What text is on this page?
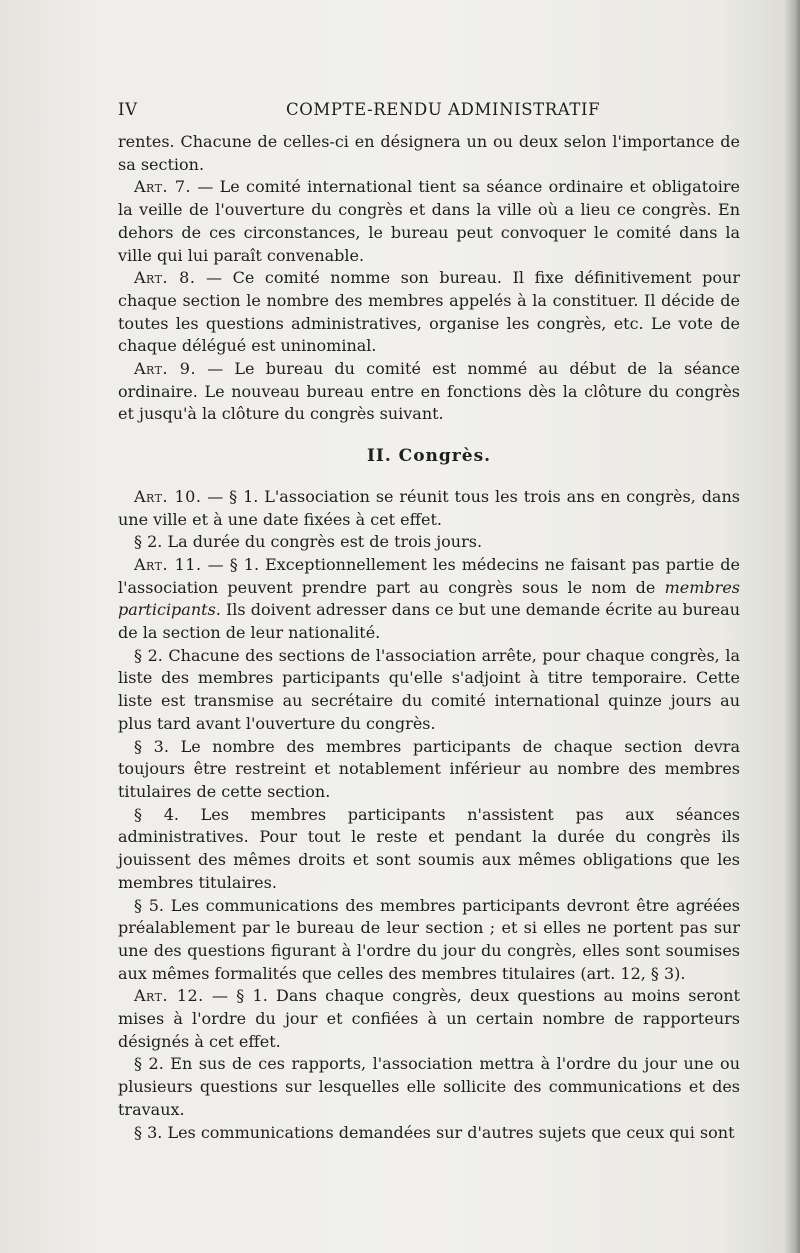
IV	COMPTE-RENDU ADMINISTRATIF

rentes. Chacune de celles-ci en désignera un ou deux selon l'importance de sa section.

Art. 7. — Le comité international tient sa séance ordinaire et obligatoire la veille de l'ouverture du congrès et dans la ville où a lieu ce congrès. En dehors de ces circonstances, le bureau peut convoquer le comité dans la ville qui lui paraît convenable.

Art. 8. — Ce comité nomme son bureau. Il fixe définitivement pour chaque section le nombre des membres appelés à la constituer. Il décide de toutes les questions administratives, organise les congrès, etc. Le vote de chaque délégué est uninominal.

Art. 9. — Le bureau du comité est nommé au début de la séance ordinaire. Le nouveau bureau entre en fonctions dès la clôture du congrès et jusqu'à la clôture du congrès suivant.

II. Congrès.

Art. 10. — § 1. L'association se réunit tous les trois ans en congrès, dans une ville et à une date fixées à cet effet.

§ 2. La durée du congrès est de trois jours.

Art. 11. — § 1. Exceptionnellement les médecins ne faisant pas partie de l'association peuvent prendre part au congrès sous le nom de membres participants. Ils doivent adresser dans ce but une demande écrite au bureau de la section de leur nationalité.

§ 2. Chacune des sections de l'association arrête, pour chaque congrès, la liste des membres participants qu'elle s'adjoint à titre temporaire. Cette liste est transmise au secrétaire du comité international quinze jours au plus tard avant l'ouverture du congrès.

§ 3. Le nombre des membres participants de chaque section devra toujours être restreint et notablement inférieur au nombre des membres titulaires de cette section.

§ 4. Les membres participants n'assistent pas aux séances administratives. Pour tout le reste et pendant la durée du congrès ils jouissent des mêmes droits et sont soumis aux mêmes obligations que les membres titulaires.

§ 5. Les communications des membres participants devront être agréées préalablement par le bureau de leur section ; et si elles ne portent pas sur une des questions figurant à l'ordre du jour du congrès, elles sont soumises aux mêmes formalités que celles des membres titulaires (art. 12, § 3).

Art. 12. — § 1. Dans chaque congrès, deux questions au moins seront mises à l'ordre du jour et confiées à un certain nombre de rapporteurs désignés à cet effet.

§ 2. En sus de ces rapports, l'association mettra à l'ordre du jour une ou plusieurs questions sur lesquelles elle sollicite des communications et des travaux.

§ 3. Les communications demandées sur d'autres sujets que ceux qui sont
